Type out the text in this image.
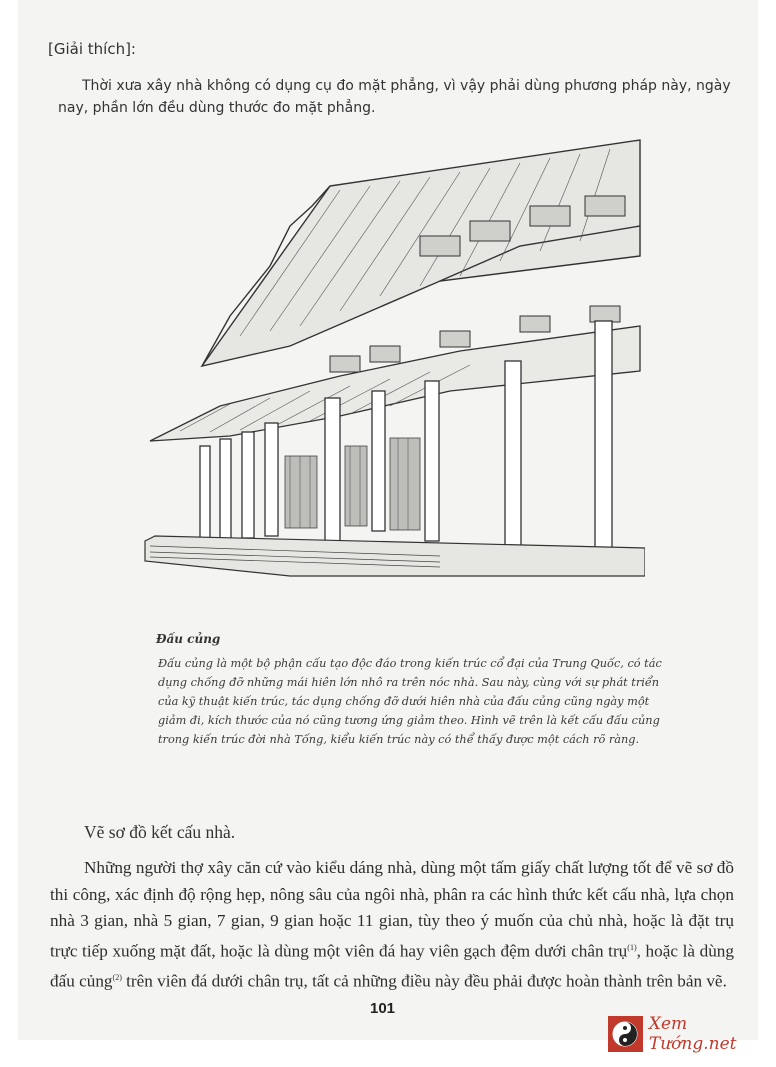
[Giải thích]:

Thời xưa xây nhà không có dụng cụ đo mặt phẳng, vì vậy phải dùng phương pháp này, ngày nay, phần lớn đều dùng thước đo mặt phẳng.

Đấu củng

Đấu củng là một bộ phận cấu tạo độc đáo trong kiến trúc cổ đại của Trung Quốc, có tác dụng chống đỡ những mái hiên lớn nhô ra trên nóc nhà. Sau này, cùng với sự phát triển của kỹ thuật kiến trúc, tác dụng chống đỡ dưới hiên nhà của đấu củng cũng ngày một giảm đi, kích thước của nó cũng tương ứng giảm theo. Hình vẽ trên là kết cấu đấu củng trong kiến trúc đời nhà Tống, kiểu kiến trúc này có thể thấy được một cách rõ ràng.

Vẽ sơ đồ kết cấu nhà.

Những người thợ xây căn cứ vào kiểu dáng nhà, dùng một tấm giấy chất lượng tốt để vẽ sơ đồ thi công, xác định độ rộng hẹp, nông sâu của ngôi nhà, phân ra các hình thức kết cấu nhà, lựa chọn nhà 3 gian, nhà 5 gian, 7 gian, 9 gian hoặc 11 gian, tùy theo ý muốn của chủ nhà, hoặc là đặt trụ trực tiếp xuống mặt đất, hoặc là dùng một viên đá hay viên gạch đệm dưới chân trụ$^{(1)}$, hoặc là dùng đấu củng$^{(2)}$ trên viên đá dưới chân trụ, tất cả những điều này đều phải được hoàn thành trên bản vẽ.

101
Xem Tướng.net
